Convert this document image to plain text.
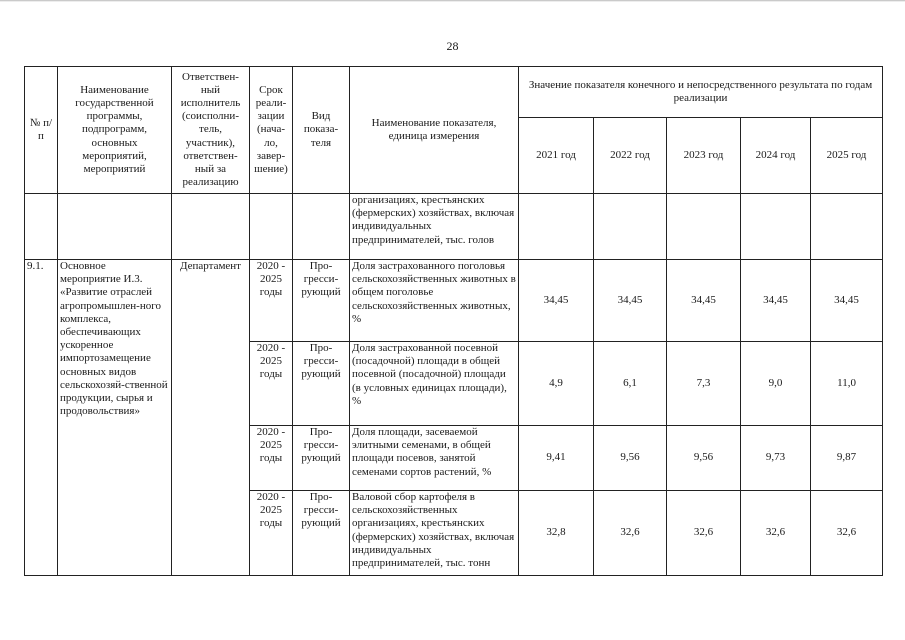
28
№ п/п	Наименование государственной программы, подпрограмм, основных мероприятий, мероприятий	Ответствен-ный исполнитель (соисполни-тель, участник), ответствен-ный за реализацию	Срок реали-зации (нача-ло, завер-шение)	Вид показа-теля	Наименование показателя, единица измерения	Значение показателя конечного и непосредственного результата по годам реализации				
						2021 год	2022 год	2023 год	2024 год	2025 год
					организациях, крестьянских (фермерских) хозяйствах, включая индивидуальных предпринимателей, тыс. голов					
9.1.	Основное мероприятие И.3. «Развитие отраслей агропромышлен-ного комплекса, обеспечивающих ускоренное импортозамещение основных видов сельскохозяй-ственной продукции, сырья и продовольствия»	Департамент	2020 - 2025 годы	Про-гресси-рующий	Доля застрахованного поголовья сельскохозяйственных животных в общем поголовье сельскохозяйственных животных, %	34,45	34,45	34,45	34,45	34,45
			2020 - 2025 годы	Про-гресси-рующий	Доля застрахованной посевной (посадочной) площади в общей посевной (посадочной) площади (в условных единицах площади), %	4,9	6,1	7,3	9,0	11,0
			2020 - 2025 годы	Про-гресси-рующий	Доля площади, засеваемой элитными семенами, в общей площади посевов, занятой семенами сортов растений, %	9,41	9,56	9,56	9,73	9,87
			2020 - 2025 годы	Про-гресси-рующий	Валовой сбор картофеля в сельскохозяйственных организациях, крестьянских (фермерских) хозяйствах, включая индивидуальных предпринимателей, тыс. тонн	32,8	32,6	32,6	32,6	32,6
